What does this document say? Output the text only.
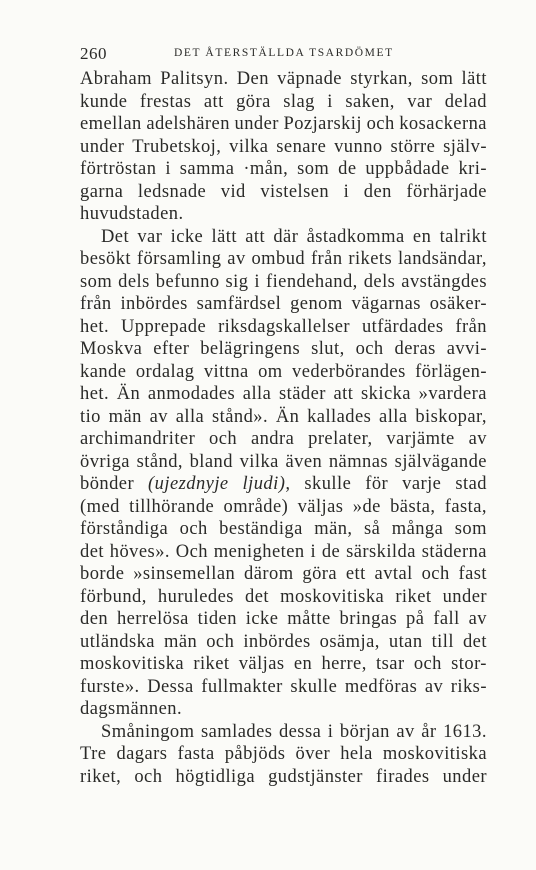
260	DET ÅTERSTÄLLDA TSARDÖMET
Abraham Palitsyn. Den väpnade styrkan, som lätt
kunde frestas att göra slag i saken, var delad
emellan adelshären under Pozjarskij och kosackerna
under Trubetskoj, vilka senare vunno större själv-
förtröstan i samma ·mån, som de uppbådade kri-
garna ledsnade vid vistelsen i den förhärjade
huvudstaden.
Det var icke lätt att där åstadkomma en talrikt
besökt församling av ombud från rikets landsändar,
som dels befunno sig i fiendehand, dels avstängdes
från inbördes samfärdsel genom vägarnas osäker-
het. Upprepade riksdagskallelser utfärdades från
Moskva efter belägringens slut, och deras avvi-
kande ordalag vittna om vederbörandes förlägen-
het. Än anmodades alla städer att skicka »vardera
tio män av alla stånd». Än kallades alla biskopar,
archimandriter och andra prelater, varjämte av
övriga stånd, bland vilka även nämnas självägande
bönder (ujezdnyje ljudi), skulle för varje stad
(med tillhörande område) väljas »de bästa, fasta,
förståndiga och beständiga män, så många som
det höves». Och menigheten i de särskilda städerna
borde »sinsemellan därom göra ett avtal och fast
förbund, huruledes det moskovitiska riket under
den herrelösa tiden icke måtte bringas på fall av
utländska män och inbördes osämja, utan till det
moskovitiska riket väljas en herre, tsar och stor-
furste». Dessa fullmakter skulle medföras av riks-
dagsmännen.
Småningom samlades dessa i början av år 1613.
Tre dagars fasta påbjöds över hela moskovitiska
riket, och högtidliga gudstjänster firades under
